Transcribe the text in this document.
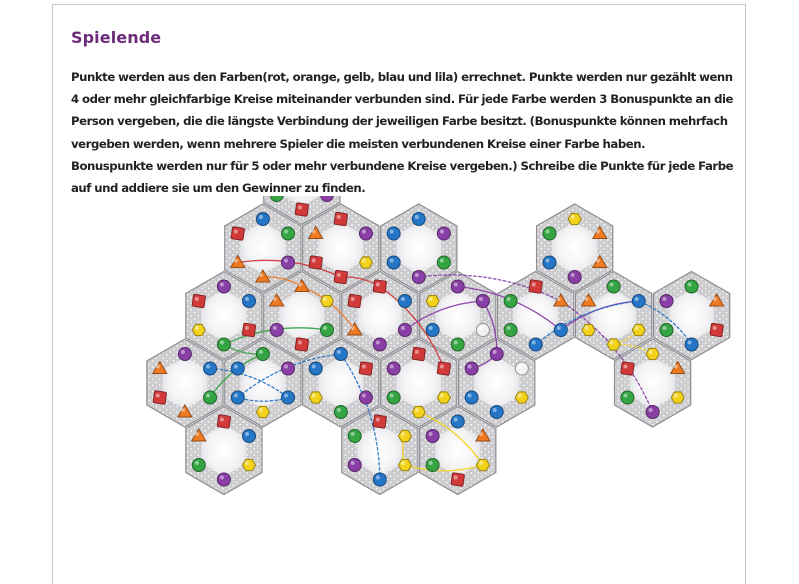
Spielende

Punkte werden aus den Farben(rot, orange, gelb, blau und lila) errechnet. Punkte werden nur gezählt wenn 4 oder mehr gleichfarbige Kreise miteinander verbunden sind. Für jede Farbe werden 3 Bonuspunkte an die Person vergeben, die die längste Verbindung der jeweiligen Farbe besitzt. (Bonuspunkte können mehrfach vergeben werden, wenn mehrere Spieler die meisten verbundenen Kreise einer Farbe haben.

Bonuspunkte werden nur für 5 oder mehr verbundene Kreise vergeben.) Schreibe die Punkte für jede Farbe auf und addiere sie um den Gewinner zu finden.
